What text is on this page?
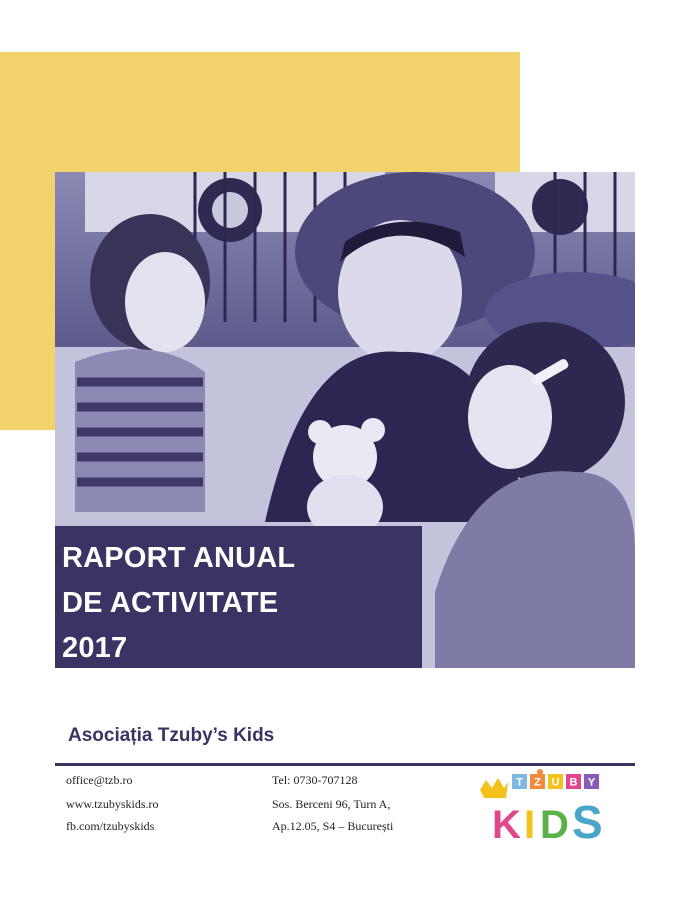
RAPORT ANUAL
DE ACTIVITATE
2017
Asociația Tzuby’s Kids
office@tzb.ro
www.tzubyskids.ro
fb.com/tzubyskids
Tel: 0730-707128
Sos. Berceni 96, Turn A,
Ap.12.05, S4 – București
T Z U B Y
K I D S
